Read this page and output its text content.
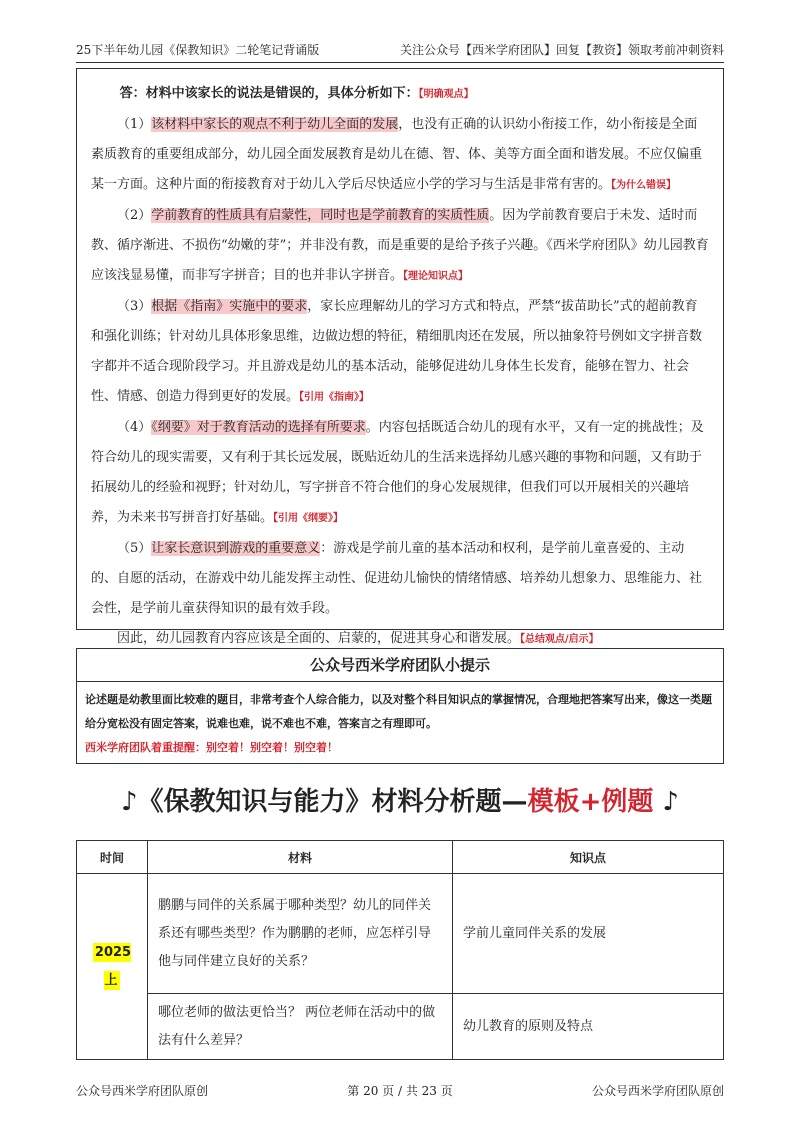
25下半年幼儿园《保教知识》二轮笔记背诵版	关注公众号【西米学府团队】回复【教资】领取考前冲刺资料

答：材料中该家长的说法是错误的，具体分析如下：【明确观点】

（1）该材料中家长的观点不利于幼儿全面的发展，也没有正确的认识幼小衔接工作，幼小衔接是全面素质教育的重要组成部分，幼儿园全面发展教育是幼儿在德、智、体、美等方面全面和谐发展。不应仅偏重某一方面。这种片面的衔接教育对于幼儿入学后尽快适应小学的学习与生活是非常有害的。【为什么错误】

（2）学前教育的性质具有启蒙性，同时也是学前教育的实质性质。因为学前教育要启于未发、适时而教、循序渐进、不损伤“幼嫩的芽”；并非没有教，而是重要的是给予孩子兴趣。《西米学府团队》幼儿园教育应该浅显易懂，而非写字拼音；目的也并非认字拼音。【理论知识点】

（3）根据《指南》实施中的要求，家长应理解幼儿的学习方式和特点，严禁“拔苗助长”式的超前教育和强化训练；针对幼儿具体形象思维，边做边想的特征，精细肌肉还在发展，所以抽象符号例如文字拼音数字都并不适合现阶段学习。并且游戏是幼儿的基本活动，能够促进幼儿身体生长发育，能够在智力、社会性、情感、创造力得到更好的发展。【引用《指南》】

（4）《纲要》对于教育活动的选择有所要求。内容包括既适合幼儿的现有水平，又有一定的挑战性；及符合幼儿的现实需要，又有利于其长远发展，既贴近幼儿的生活来选择幼儿感兴趣的事物和问题，又有助于拓展幼儿的经验和视野；针对幼儿，写字拼音不符合他们的身心发展规律，但我们可以开展相关的兴趣培养，为未来书写拼音打好基础。【引用《纲要》】

（5）让家长意识到游戏的重要意义：游戏是学前儿童的基本活动和权利，是学前儿童喜爱的、主动的、自愿的活动，在游戏中幼儿能发挥主动性、促进幼儿愉快的情绪情感、培养幼儿想象力、思维能力、社会性，是学前儿童获得知识的最有效手段。

因此，幼儿园教育内容应该是全面的、启蒙的，促进其身心和谐发展。【总结观点/启示】

公众号西米学府团队小提示
论述题是幼教里面比较难的题目，非常考查个人综合能力，以及对整个科目知识点的掌握情况，合理地把答案写出来，像这一类题给分宽松没有固定答案，说难也难，说不难也不难，答案言之有理即可。
西米学府团队着重提醒：别空着！别空着！别空着！
♪《保教知识与能力》材料分析题—模板+例题 ♪
时间	材料	知识点
2025上	鹏鹏与同伴的关系属于哪种类型？幼儿的同伴关系还有哪些类型？作为鹏鹏的老师，应怎样引导他与同伴建立良好的关系？	学前儿童同伴关系的发展
	哪位老师的做法更恰当？ 两位老师在活动中的做法有什么差异？	幼儿教育的原则及特点
公众号西米学府团队原创	第 20 页 / 共 23 页	公众号西米学府团队原创
